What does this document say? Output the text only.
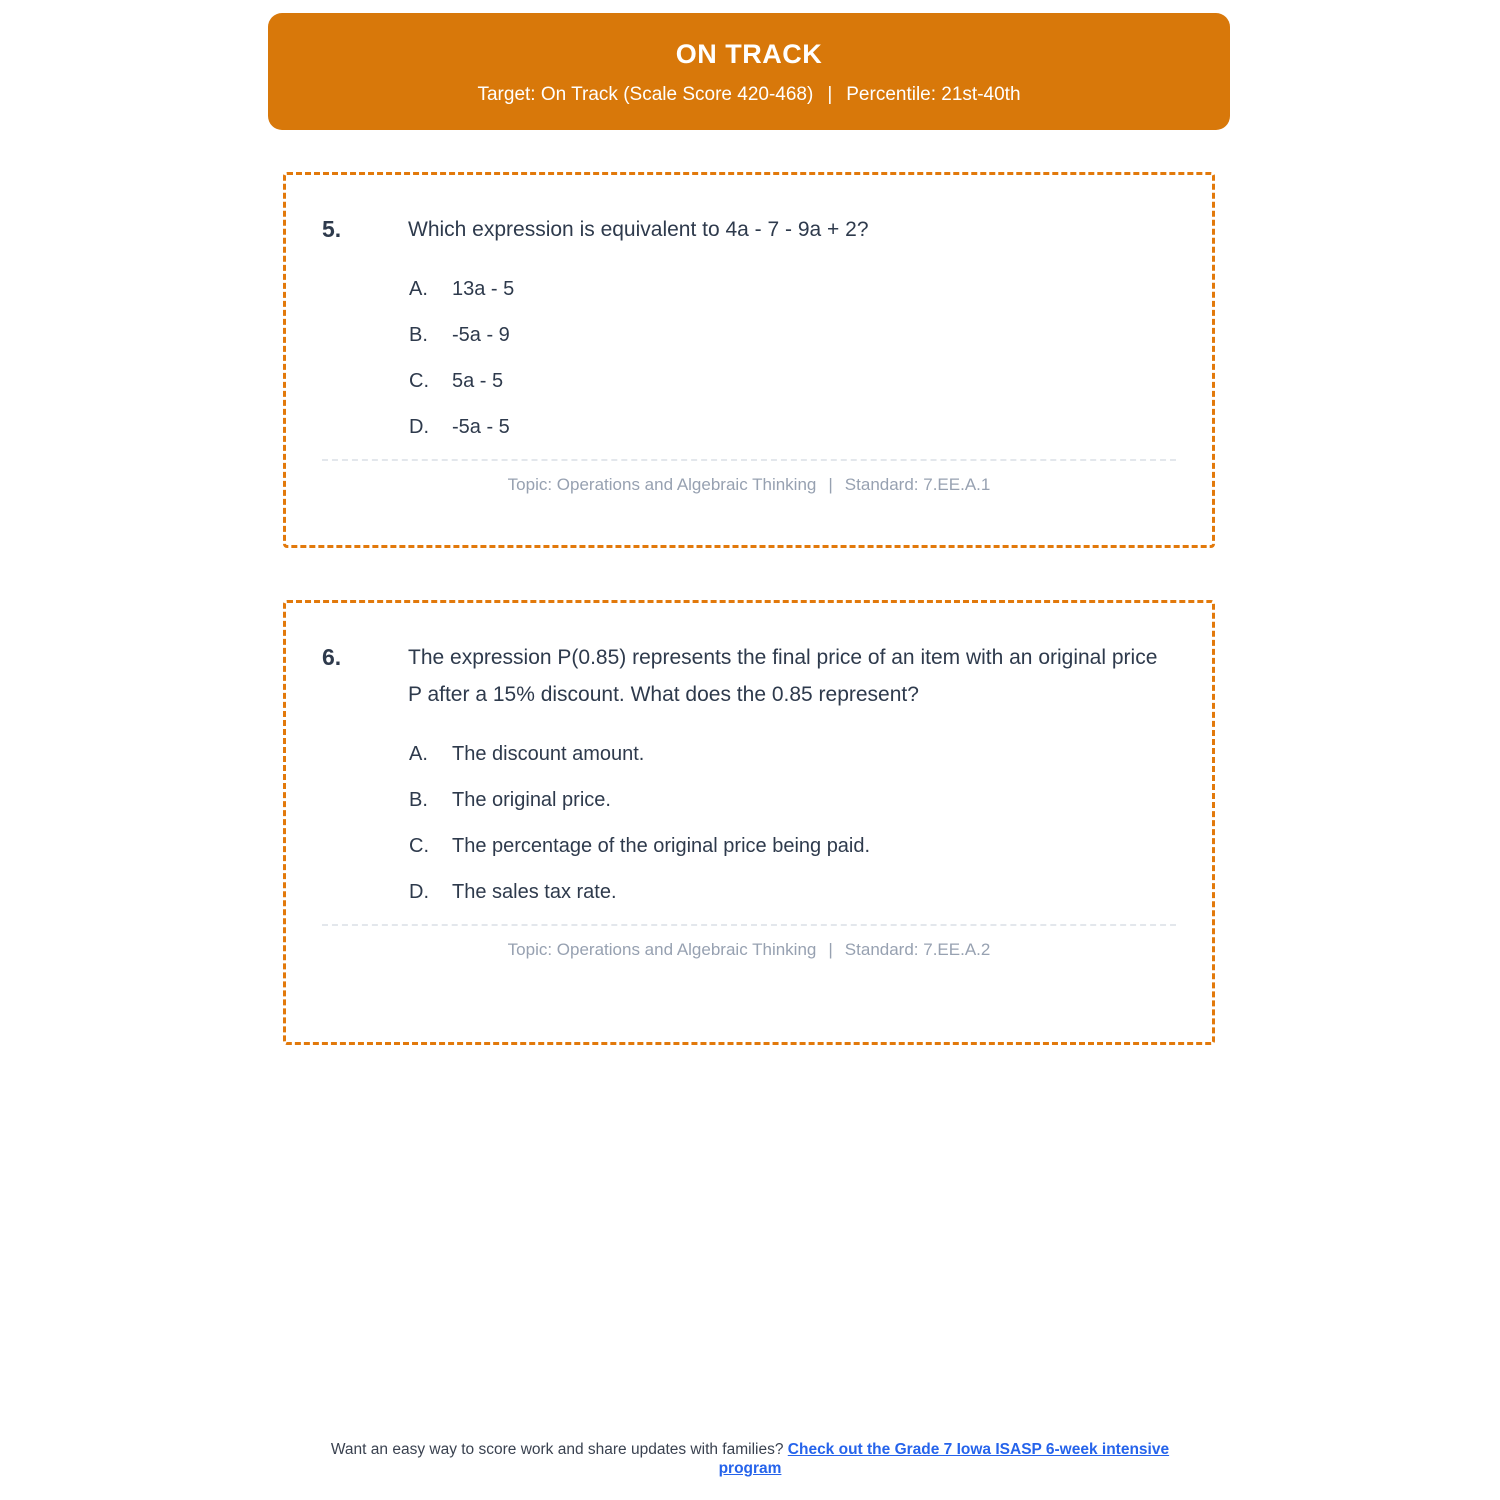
ON TRACK
Target: On Track (Scale Score 420-468) | Percentile: 21st-40th
5.	Which expression is equivalent to 4a - 7 - 9a + 2?
A.	13a - 5
B.	-5a - 9
C.	5a - 5
D.	-5a - 5
Topic: Operations and Algebraic Thinking | Standard: 7.EE.A.1
6.	The expression P(0.85) represents the final price of an item with an original price P after a 15% discount. What does the 0.85 represent?
A.	The discount amount.
B.	The original price.
C.	The percentage of the original price being paid.
D.	The sales tax rate.
Topic: Operations and Algebraic Thinking | Standard: 7.EE.A.2
Want an easy way to score work and share updates with families? Check out the Grade 7 Iowa ISASP 6-week intensive program
